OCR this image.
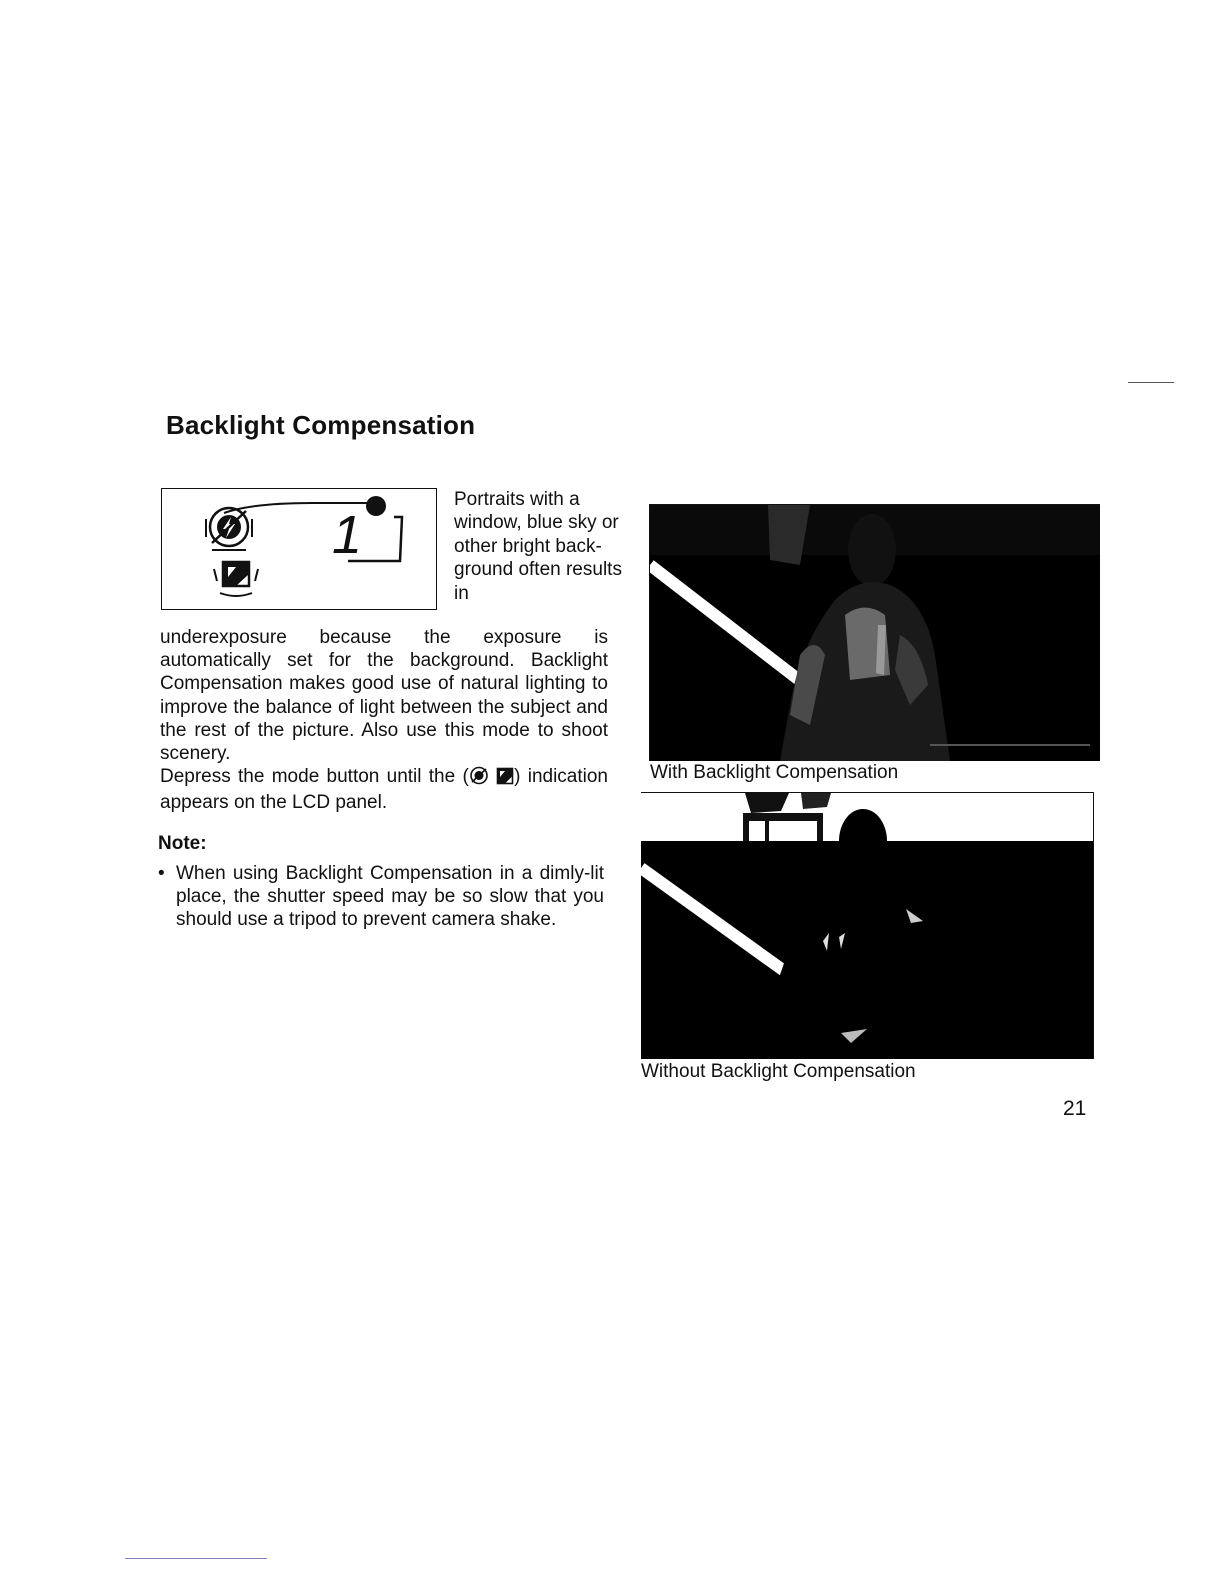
Backlight Compensation
1
Portraits with a window, blue sky or other bright back- ground often results in

underexposure because the exposure is automatically set for the background. Backlight Compensation makes good use of natural lighting to improve the balance of light between the subject and the rest of the picture. Also use this mode to shoot scenery.

Depress the mode button until the ( ) indication appears on the LCD panel.

Note:
• When using Backlight Compensation in a dimly-lit place, the shutter speed may be so slow that you should use a tripod to prevent camera shake.
With Backlight Compensation
Without Backlight Compensation
21
